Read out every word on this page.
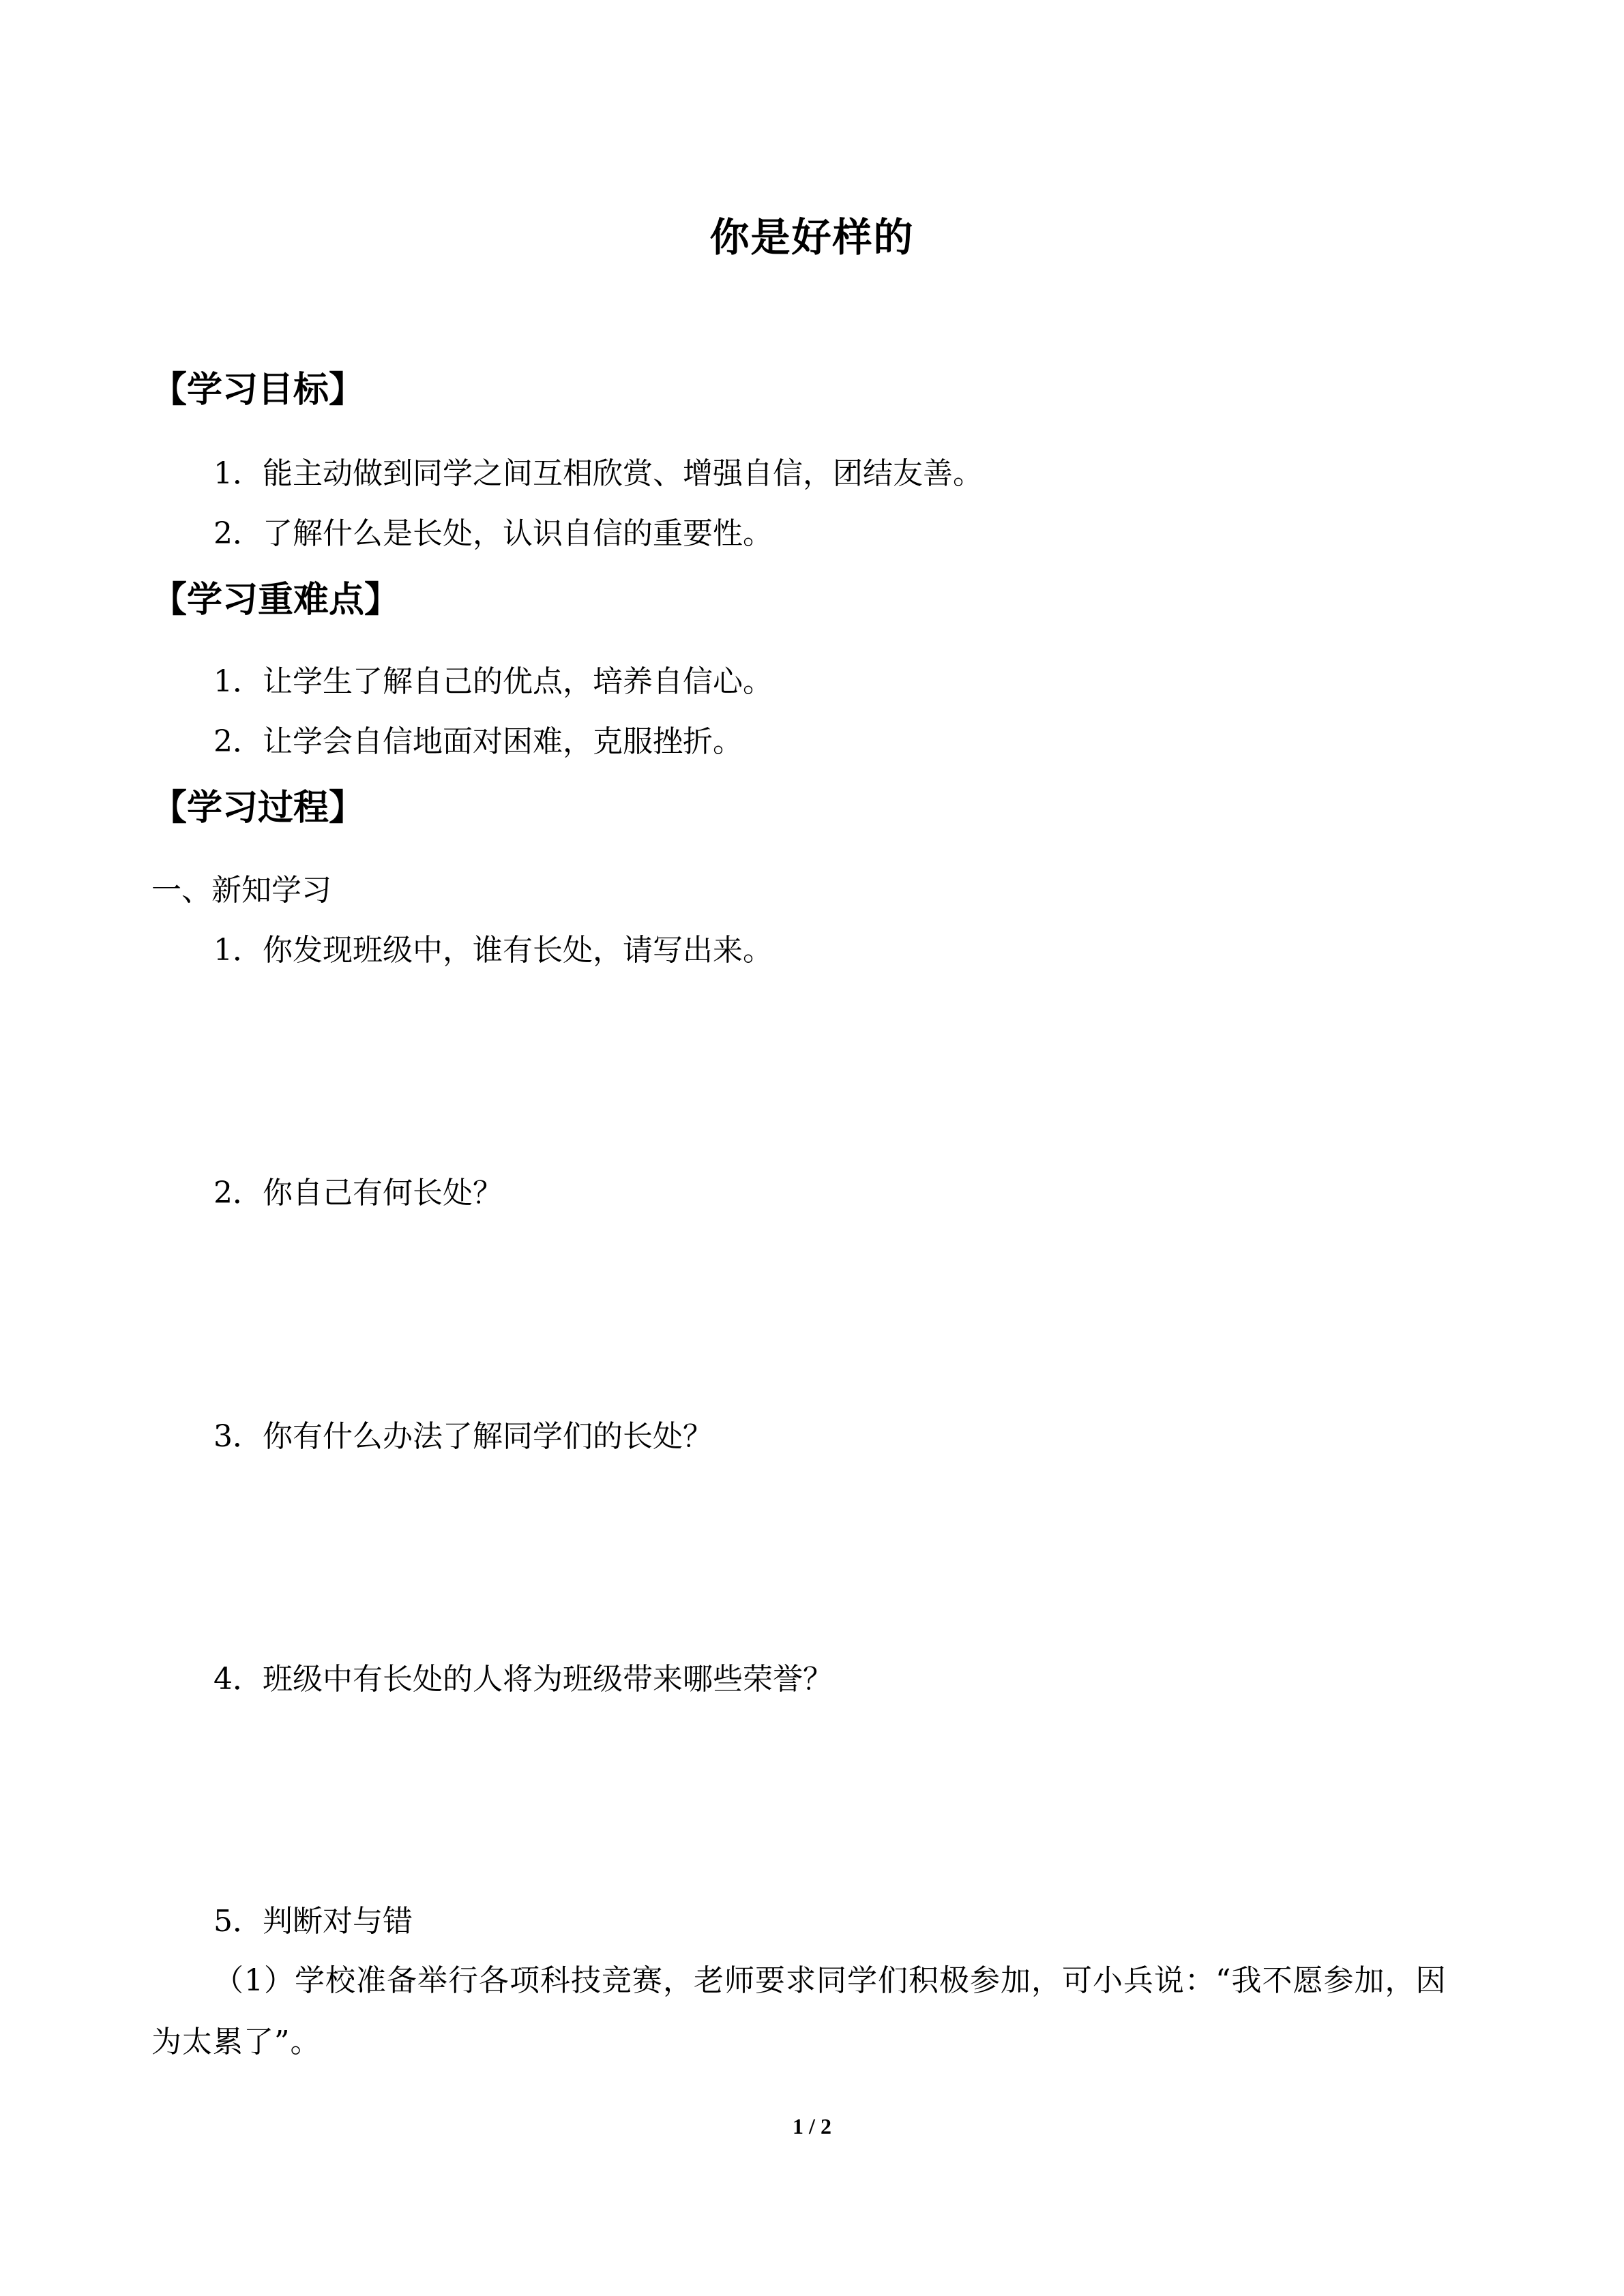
你是好样的
【学习目标】
1．能主动做到同学之间互相欣赏、增强自信，团结友善。
2．了解什么是长处，认识自信的重要性。
【学习重难点】
1．让学生了解自己的优点，培养自信心。
2．让学会自信地面对困难，克服挫折。
【学习过程】
一、新知学习
1．你发现班级中，谁有长处，请写出来。
2．你自己有何长处？
3．你有什么办法了解同学们的长处？
4．班级中有长处的人将为班级带来哪些荣誉？
5．判断对与错
（1）学校准备举行各项科技竞赛，老师要求同学们积极参加，可小兵说：“我不愿参加，因为太累了”。
1 / 2
